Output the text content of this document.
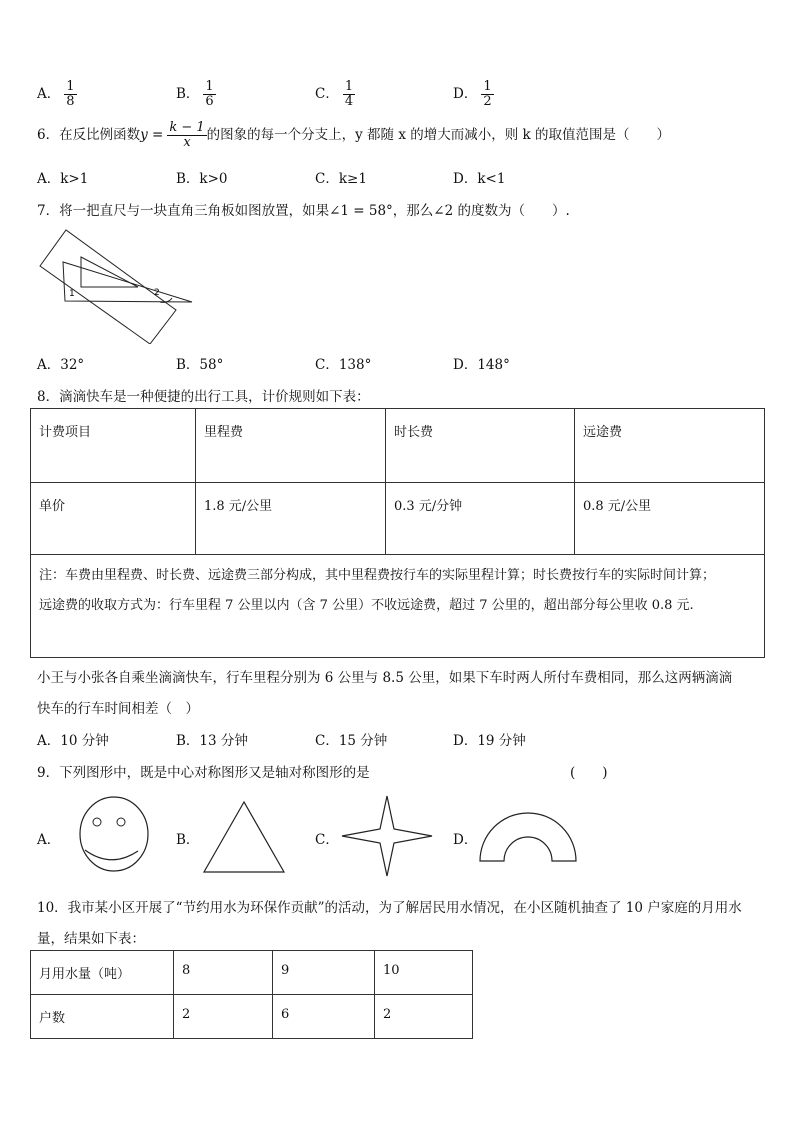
A． $\frac{1}{8}$	B． $\frac{1}{6}$	C． $\frac{1}{4}$	D． $\frac{1}{2}$
6．在反比例函数$y = \frac{k - 1}{x}$ 的图象的每一个分支上，y 都随 x 的增大而减小，则 k 的取值范围是（　　）
A．k>1	B．k>0	C．k≥1	D．k<1
7．将一把直尺与一块直角三角板如图放置，如果∠1 = 58°，那么∠2 的度数为（　　）.
1	2
A．32°	B．58°	C．138°	D．148°
8．滴滴快车是一种便捷的出行工具，计价规则如下表：
计费项目	里程费	时长费	远途费
单价	1.8 元/公里	0.3 元/分钟	0.8 元/公里

注：车费由里程费、时长费、远途费三部分构成，其中里程费按行车的实际里程计算；时长费按行车的实际时间计算；
远途费的收取方式为：行车里程 7 公里以内（含 7 公里）不收远途费，超过 7 公里的，超出部分每公里收 0.8 元.			
小王与小张各自乘坐滴滴快车，行车里程分别为 6 公里与 8.5 公里，如果下车时两人所付车费相同，那么这两辆滴滴
快车的行车时间相差（　）
A．10 分钟	B．13 分钟	C．15 分钟	D．19 分钟
9．下列图形中，既是中心对称图形又是轴对称图形的是	(　　)
A．	B．	C．	D．
10．我市某小区开展了“节约用水为环保作贡献”的活动，为了解居民用水情况，在小区随机抽查了 10 户家庭的月用水
量，结果如下表：
月用水量（吨）	8	9	10
户数	2	6	2
